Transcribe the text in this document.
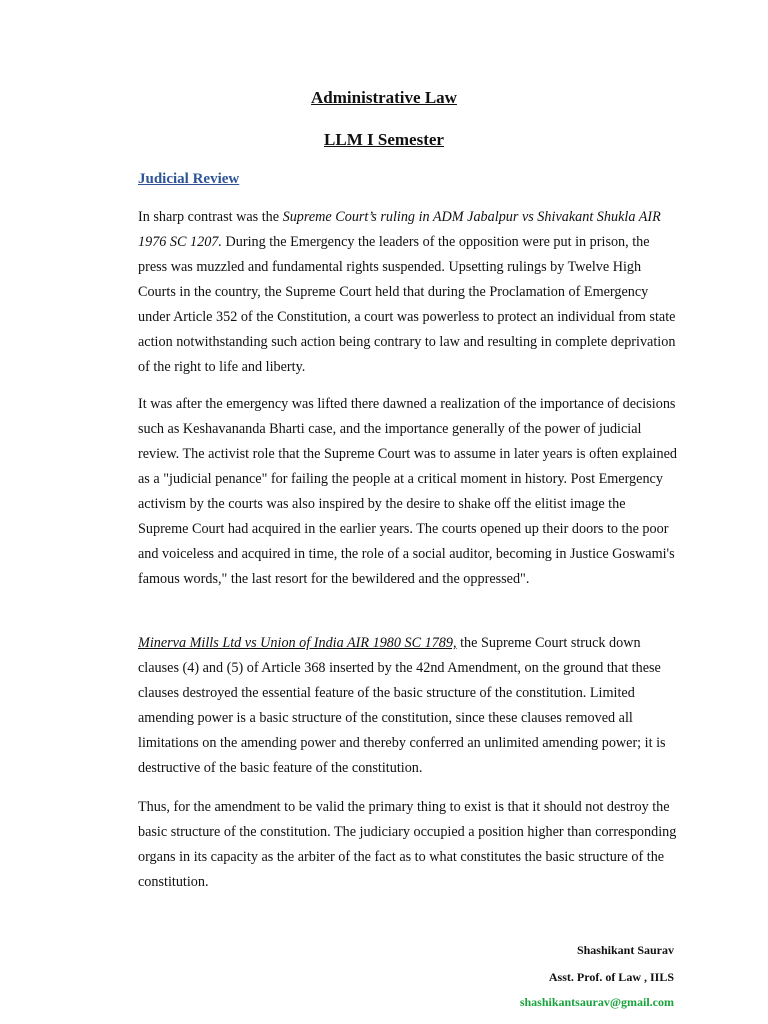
Administrative Law
LLM I Semester
Judicial Review

In sharp contrast was the Supreme Court’s ruling in ADM Jabalpur vs Shivakant Shukla AIR 1976 SC 1207. During the Emergency the leaders of the opposition were put in prison, the press was muzzled and fundamental rights suspended. Upsetting rulings by Twelve High Courts in the country, the Supreme Court held that during the Proclamation of Emergency under Article 352 of the Constitution, a court was powerless to protect an individual from state action notwithstanding such action being contrary to law and resulting in complete deprivation of the right to life and liberty.

It was after the emergency was lifted there dawned a realization of the importance of decisions such as Keshavananda Bharti case, and the importance generally of the power of judicial review. The activist role that the Supreme Court was to assume in later years is often explained as a "judicial penance" for failing the people at a critical moment in history. Post Emergency activism by the courts was also inspired by the desire to shake off the elitist image the Supreme Court had acquired in the earlier years. The courts opened up their doors to the poor and voiceless and acquired in time, the role of a social auditor, becoming in Justice Goswami's famous words," the last resort for the bewildered and the oppressed".

Minerva Mills Ltd vs Union of India AIR 1980 SC 1789, the Supreme Court struck down clauses (4) and (5) of Article 368 inserted by the 42nd Amendment, on the ground that these clauses destroyed the essential feature of the basic structure of the constitution. Limited amending power is a basic structure of the constitution, since these clauses removed all limitations on the amending power and thereby conferred an unlimited amending power; it is destructive of the basic feature of the constitution.

Thus, for the amendment to be valid the primary thing to exist is that it should not destroy the basic structure of the constitution. The judiciary occupied a position higher than corresponding organs in its capacity as the arbiter of the fact as to what constitutes the basic structure of the constitution.

Shashikant Saurav
Asst. Prof. of Law , IILS
shashikantsaurav@gmail.com
